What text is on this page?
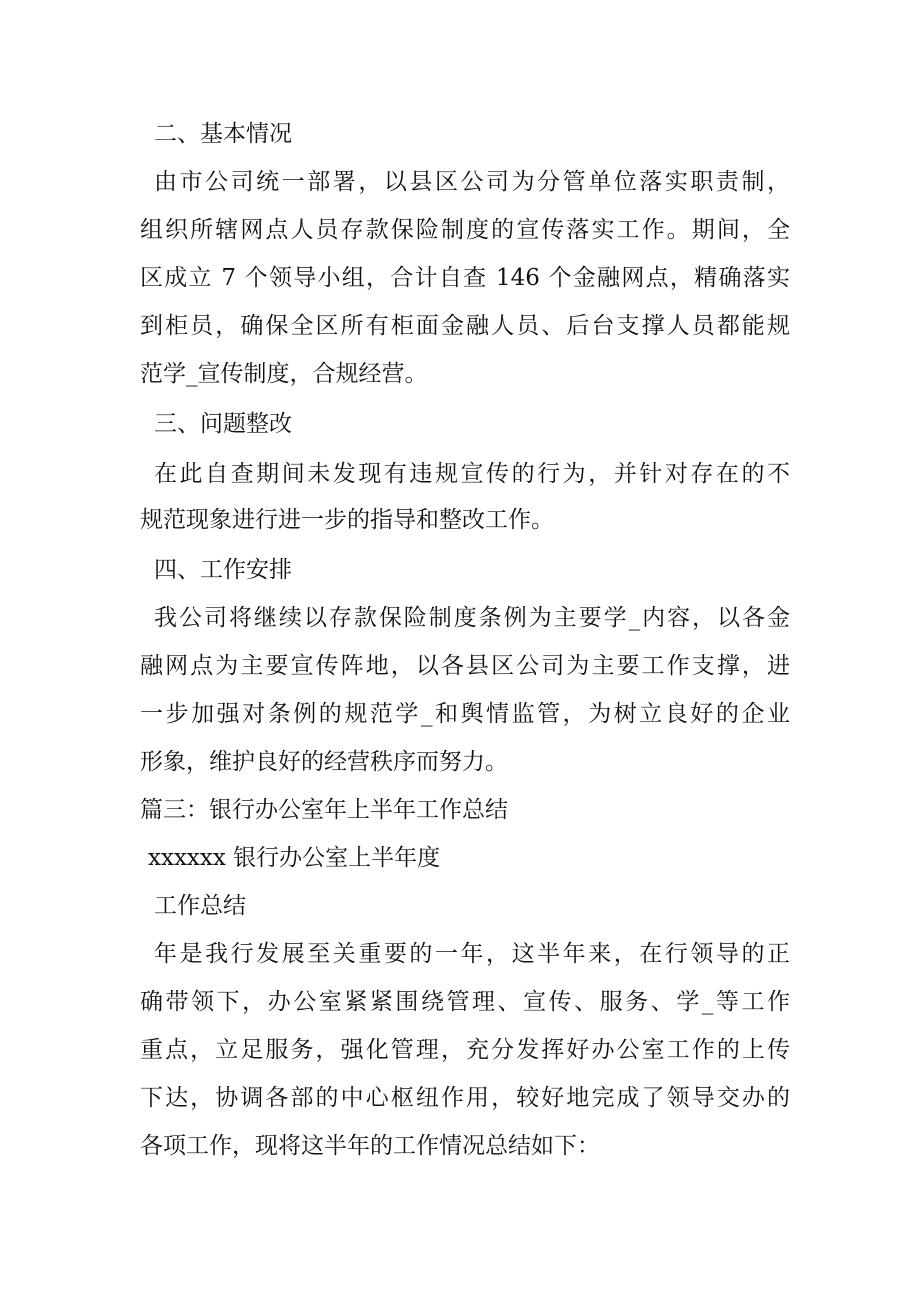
二、基本情况
由市公司统一部署，以县区公司为分管单位落实职责制，
组织所辖网点人员存款保险制度的宣传落实工作。期间，全
区成立 7 个领导小组，合计自查 146 个金融网点，精确落实
到柜员，确保全区所有柜面金融人员、后台支撑人员都能规
范学_宣传制度，合规经营。
三、问题整改
在此自查期间未发现有违规宣传的行为，并针对存在的不
规范现象进行进一步的指导和整改工作。
四、工作安排
我公司将继续以存款保险制度条例为主要学_内容，以各金
融网点为主要宣传阵地，以各县区公司为主要工作支撑，进
一步加强对条例的规范学_和舆情监管，为树立良好的企业
形象，维护良好的经营秩序而努力。
篇三：银行办公室年上半年工作总结
xxxxxx 银行办公室上半年度
工作总结
年是我行发展至关重要的一年，这半年来，在行领导的正
确带领下，办公室紧紧围绕管理、宣传、服务、学_等工作
重点，立足服务，强化管理，充分发挥好办公室工作的上传
下达，协调各部的中心枢纽作用，较好地完成了领导交办的
各项工作，现将这半年的工作情况总结如下：
